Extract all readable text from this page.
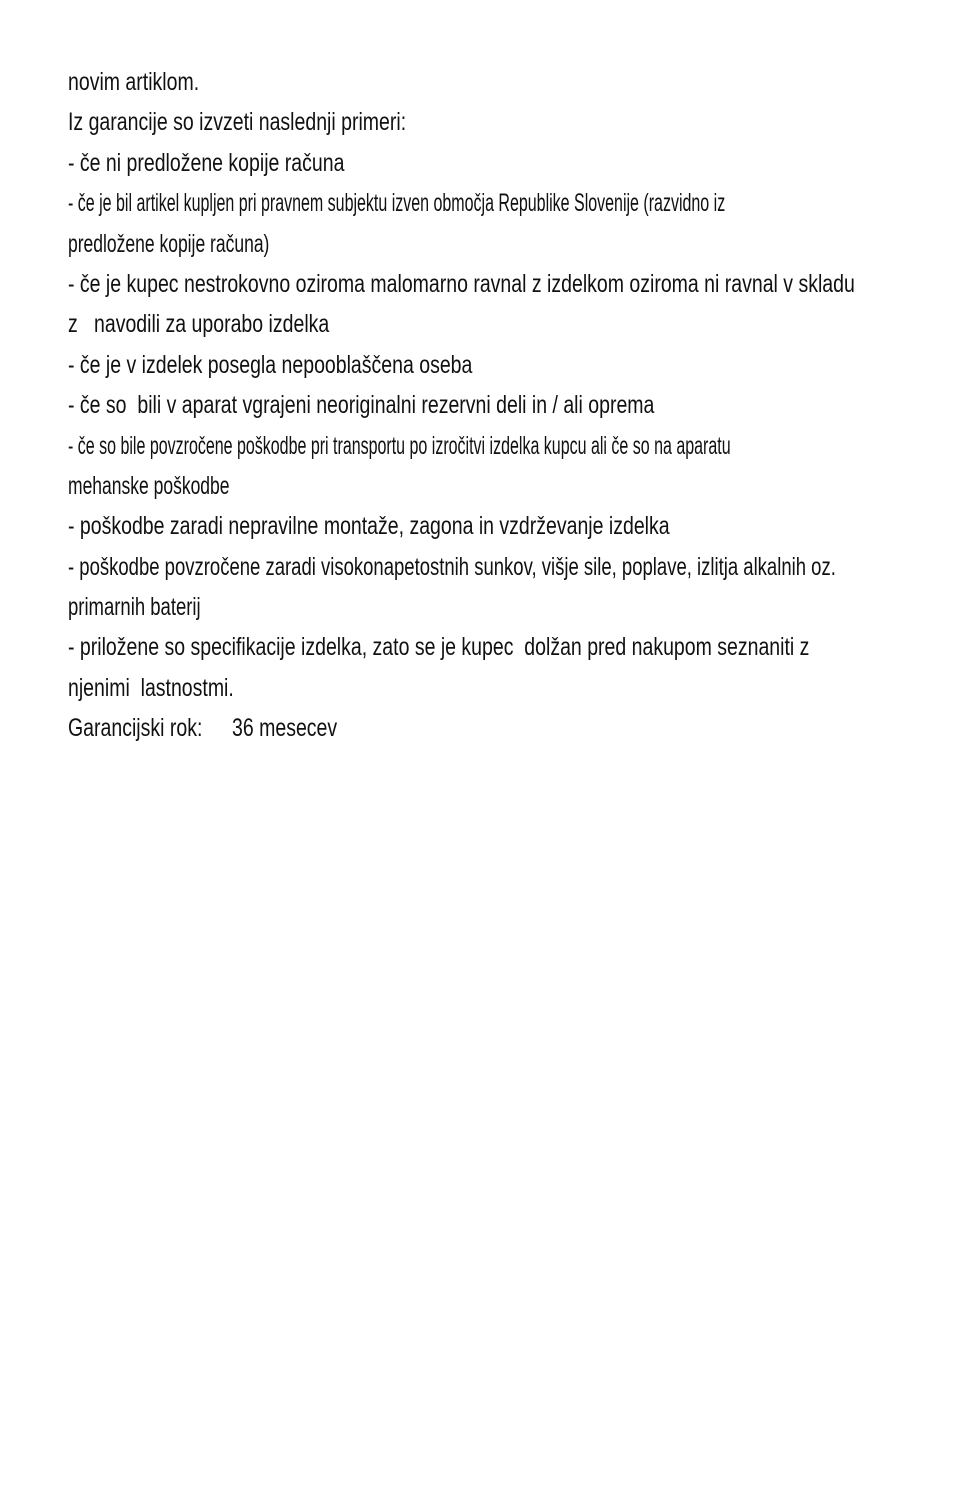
novim artiklom.
Iz garancije so izvzeti naslednji primeri:
- če ni predložene kopije računa
- če je bil artikel kupljen pri pravnem subjektu izven območja Republike Slovenije (razvidno iz
predložene kopije računa)
- če je kupec nestrokovno oziroma malomarno ravnal z izdelkom oziroma ni ravnal v skladu
z   navodili za uporabo izdelka
- če je v izdelek posegla nepooblaščena oseba
- če so  bili v aparat vgrajeni neoriginalni rezervni deli in / ali oprema
- če so bile povzročene poškodbe pri transportu po izročitvi izdelka kupcu ali če so na aparatu
mehanske poškodbe
- poškodbe zaradi nepravilne montaže, zagona in vzdrževanje izdelka
- poškodbe povzročene zaradi visokonapetostnih sunkov, višje sile, poplave, izlitja alkalnih oz.
primarnih baterij
- priložene so specifikacije izdelka, zato se je kupec  dolžan pred nakupom seznaniti z
njenimi  lastnostmi.
Garancijski rok: 36 mesecev
